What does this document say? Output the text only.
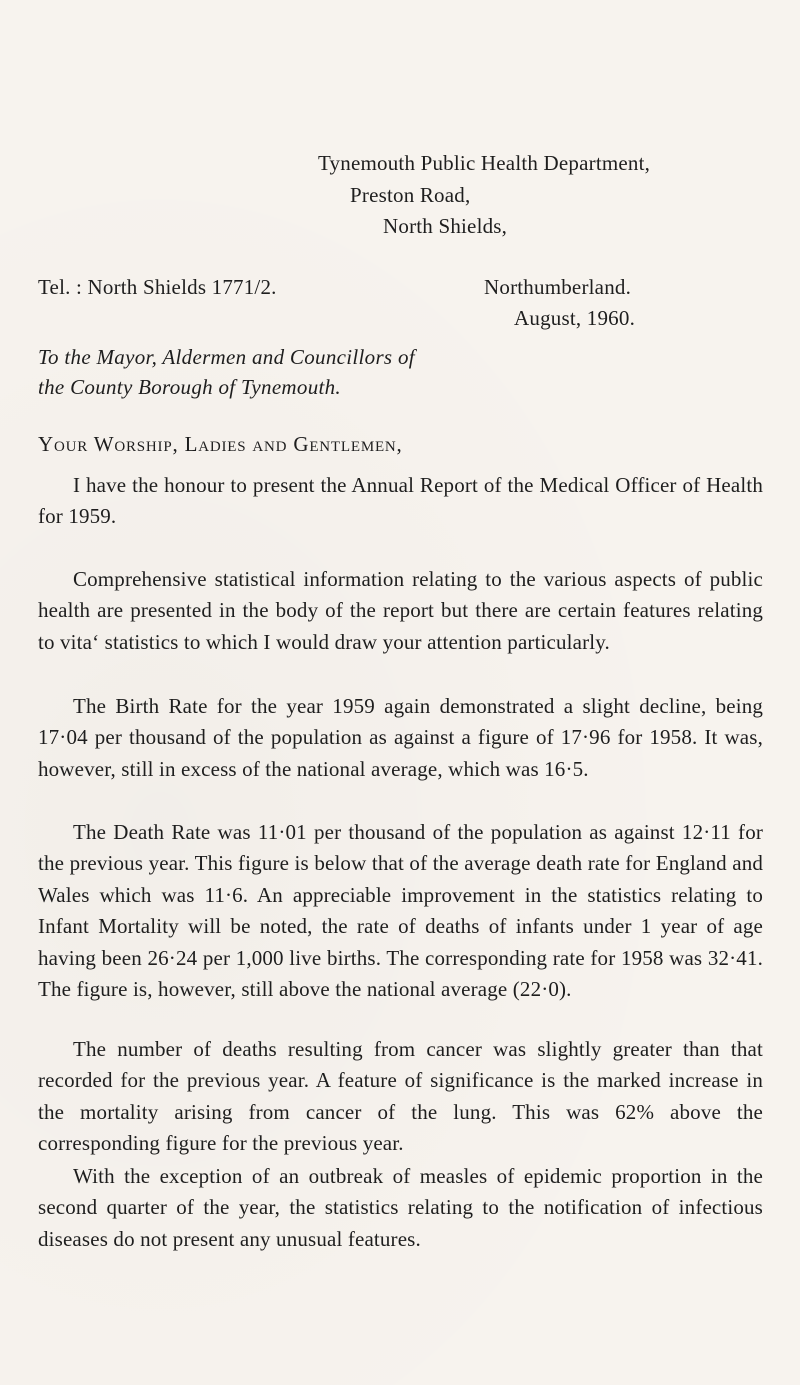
Tynemouth Public Health Department,
Preston Road,
North Shields,
Northumberland.
August, 1960.
Tel. : North Shields 1771/2.
To the Mayor, Aldermen and Councillors of
the County Borough of Tynemouth.
Your Worship, Ladies and Gentlemen,

I have the honour to present the Annual Report of the Medical Officer of Health for 1959.

Comprehensive statistical information relating to the various aspects of public health are presented in the body of the report but there are certain features relating to vita‘ statistics to which I would draw your attention particularly.

The Birth Rate for the year 1959 again demonstrated a slight decline, being 17·04 per thousand of the population as against a figure of 17·96 for 1958. It was, however, still in excess of the national average, which was 16·5.

The Death Rate was 11·01 per thousand of the population as against 12·11 for the previous year. This figure is below that of the average death rate for England and Wales which was 11·6. An appreciable improvement in the statistics relating to Infant Mortality will be noted, the rate of deaths of infants under 1 year of age having been 26·24 per 1,000 live births. The corresponding rate for 1958 was 32·41. The figure is, however, still above the national average (22·0).

The number of deaths resulting from cancer was slightly greater than that recorded for the previous year. A feature of significance is the marked increase in the mortality arising from cancer of the lung. This was 62% above the corresponding figure for the previous year.

With the exception of an outbreak of measles of epidemic proportion in the second quarter of the year, the statistics relating to the notification of infectious diseases do not present any unusual features.
